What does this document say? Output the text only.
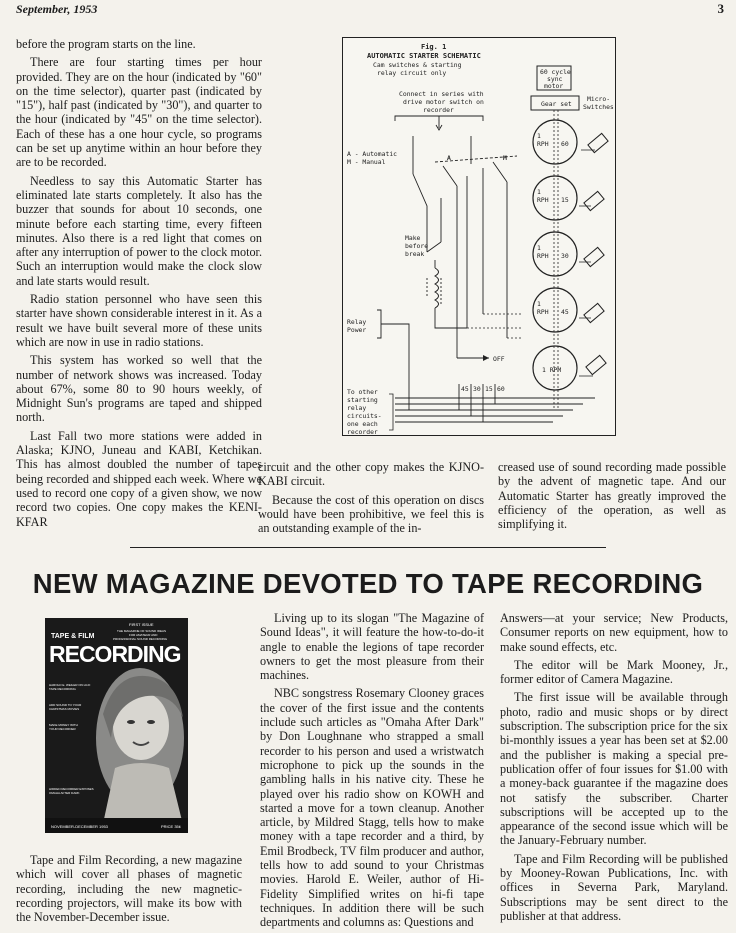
September, 1953	3

before the program starts on the line.

There are four starting times per hour provided. They are on the hour (indicated by "60" on the time selector), quarter past (indicated by "15"), half past (indicated by "30"), and quarter to the hour (indicated by "45" on the time selector). Each of these has a one hour cycle, so programs can be set up anytime within an hour before they are to be recorded.

Needless to say this Automatic Starter has eliminated late starts completely. It also has the buzzer that sounds for about 10 seconds, one minute before each starting time, every fifteen minutes. Also there is a red light that comes on after any interruption of power to the clock motor. Such an interruption would make the clock slow and late starts would result.

Radio station personnel who have seen this starter have shown considerable interest in it. As a result we have built several more of these units which are now in use in radio stations.

This system has worked so well that the number of network shows was increased. Today about 67%, some 80 to 90 hours weekly, of Midnight Sun's programs are taped and shipped north.

Last Fall two more stations were added in Alaska; KJNO, Juneau and KABI, Ketchikan. This has almost doubled the number of tapes being recorded and shipped each week. Where we used to record one copy of a given show, we now record two copies. One copy makes the KENI-KFAR

circuit and the other copy makes the KJNO-KABI circuit.

Because the cost of this operation on discs would have been prohibitive, we feel this is an outstanding example of the in-

creased use of sound recording made possible by the advent of magnetic tape. And our Automatic Starter has greatly improved the efficiency of the operation, as well as simplifying it.

Fig. 1
AUTOMATIC STARTER SCHEMATIC
Cam switches & starting
relay circuit only
Connect in series with
drive motor switch on
recorder
A - Automatic
M - Manual	A	M
Make
before
break
Relay
Power
OFF
To other
starting
relay
circuits-
one each
recorder
45 30 15 60
60 cycle
sync
motor
Gear set
Micro-
Switches
1
RPH 60
1
RPH 15
1
RPH 30
1
RPH 45
1 RPM
NEW MAGAZINE DEVOTED TO TAPE RECORDING
FIRST ISSUE
THE MAGAZINE OF SOUND IDEAS
FOR AMATEUR AND
PROFESSIONAL SOUND RECORDING
TAPE & FILM
RECORDING
HAROLD E. WEILER ON HI-FI
TAPE RECORDING
ADD SOUND TO YOUR
CHRISTMAS MOVIES
MAKE MONEY WITH
YOUR RECORDER
HIDDEN RECORDER EXPOSES
OMAHA AFTER DARK
NOVEMBER-DECEMBER 1953	PRICE 35¢

Tape and Film Recording, a new magazine which will cover all phases of magnetic recording, including the new magnetic-recording projectors, will make its bow with the November-December issue.

Living up to its slogan "The Magazine of Sound Ideas", it will feature the how-to-do-it angle to enable the legions of tape recorder owners to get the most pleasure from their machines.

NBC songstress Rosemary Clooney graces the cover of the first issue and the contents include such articles as "Omaha After Dark" by Don Loughnane who strapped a small recorder to his person and used a wristwatch microphone to pick up the sounds in the gambling halls in his native city. These he played over his radio show on KOWH and started a move for a town cleanup. Another article, by Mildred Stagg, tells how to make money with a tape recorder and a third, by Emil Brodbeck, TV film producer and author, tells how to add sound to your Christmas movies. Harold E. Weiler, author of Hi-Fidelity Simplified writes on hi-fi tape techniques. In addition there will be such departments and columns as: Questions and

Answers—at your service; New Products, Consumer reports on new equipment, how to make sound effects, etc.

The editor will be Mark Mooney, Jr., former editor of Camera Magazine.

The first issue will be available through photo, radio and music shops or by direct subscription. The subscription price for the six bi-monthly issues a year has been set at $2.00 and the publisher is making a special pre-publication offer of four issues for $1.00 with a money-back guarantee if the magazine does not satisfy the subscriber. Charter subscriptions will be accepted up to the appearance of the second issue which will be the January-February number.

Tape and Film Recording will be published by Mooney-Rowan Publications, Inc. with offices in Severna Park, Maryland. Subscriptions may be sent direct to the publisher at that address.
